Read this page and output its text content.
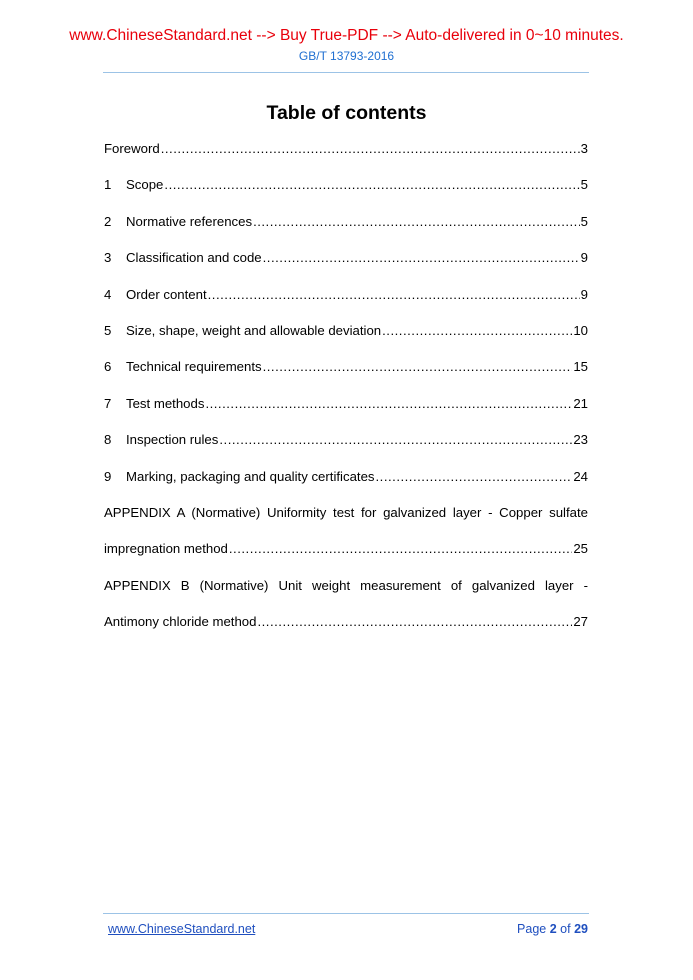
www.ChineseStandard.net --> Buy True-PDF --> Auto-delivered in 0~10 minutes.
GB/T 13793-2016
Table of contents
Foreword .....	3
1	Scope .....	5
2	Normative references .....	5
3	Classification and code .....	9
4	Order content .....	9
5	Size, shape, weight and allowable deviation .....	10
6	Technical requirements .....	15
7	Test methods .....	21
8	Inspection rules .....	23
9	Marking, packaging and quality certificates .....	24
APPENDIX A (Normative) Uniformity test for galvanized layer - Copper sulfate
impregnation method .....	25
APPENDIX B (Normative) Unit weight measurement of galvanized layer -
Antimony chloride method .....	27
www.ChineseStandard.net	Page 2 of 29
